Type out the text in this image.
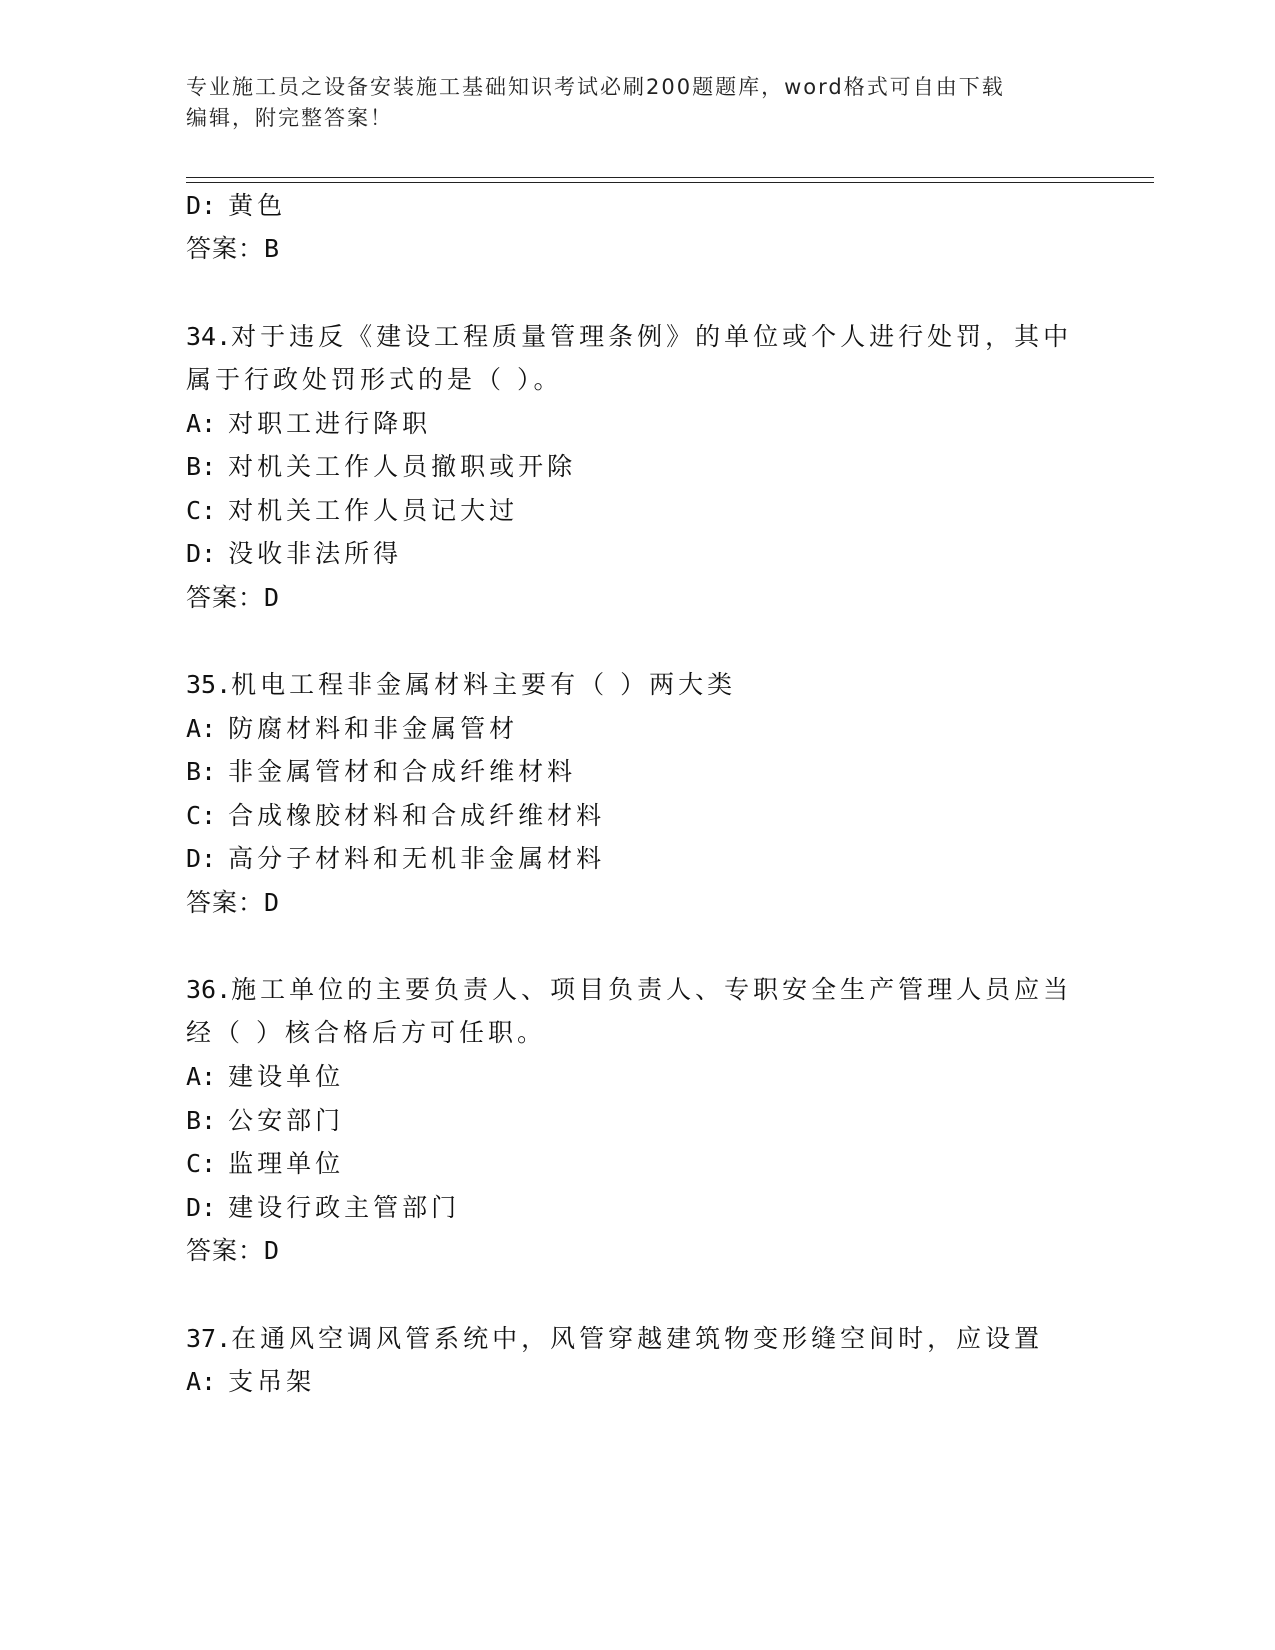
专业施工员之设备安装施工基础知识考试必刷200题题库，word格式可自由下载
编辑，附完整答案！
D: 黄色
答案：B
34.对于违反《建设工程质量管理条例》的单位或个人进行处罚，其中
属于行政处罚形式的是（ ）。
A: 对职工进行降职
B: 对机关工作人员撤职或开除
C: 对机关工作人员记大过
D: 没收非法所得
答案：D
35.机电工程非金属材料主要有（ ）两大类
A: 防腐材料和非金属管材
B: 非金属管材和合成纤维材料
C: 合成橡胶材料和合成纤维材料
D: 高分子材料和无机非金属材料
答案：D
36.施工单位的主要负责人、项目负责人、专职安全生产管理人员应当
经（ ）核合格后方可任职。
A: 建设单位
B: 公安部门
C: 监理单位
D: 建设行政主管部门
答案：D
37.在通风空调风管系统中，风管穿越建筑物变形缝空间时，应设置
A: 支吊架
